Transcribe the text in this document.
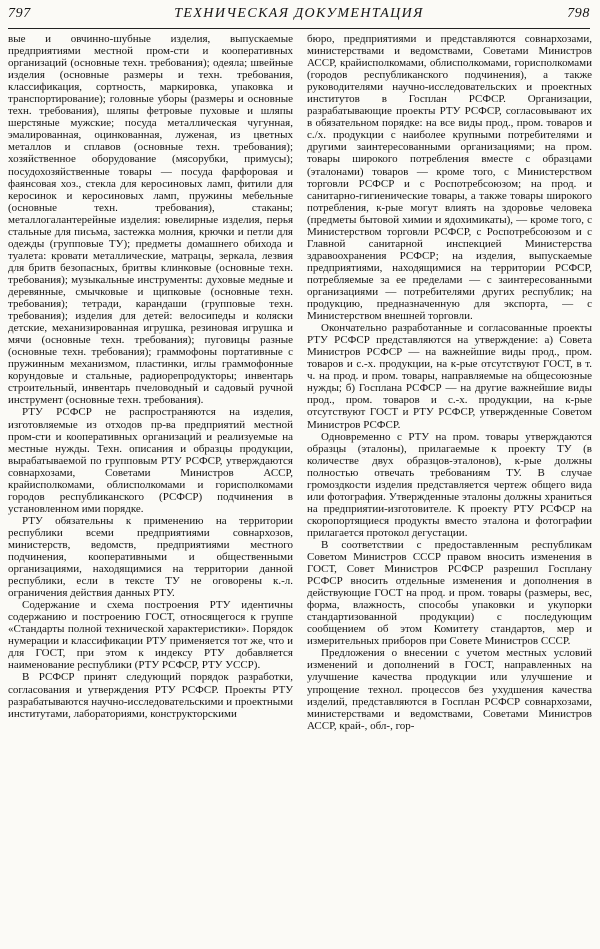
797	ТЕХНИЧЕСКАЯ ДОКУМЕНТАЦИЯ	798

вые и овчинно-шубные изделия, выпускаемые предприятиями местной пром-сти и кооперативных организаций (основные техн. требования); одеяла; швейные изделия (основные размеры и техн. требования, классификация, сортность, маркировка, упаковка и транспортирование); головные уборы (размеры и основные техн. требования), шляпы фетровые пуховые и шляпы шерстяные мужские; посуда металлическая чугунная, эмалированная, оцинкованная, луженая, из цветных металлов и сплавов (основные техн. требования); хозяйственное оборудование (мясорубки, примусы); посудохозяйственные товары — посуда фарфоровая и фаянсовая хоз., стекла для керосиновых ламп, фитили для керосинок и керосиновых ламп, пружины мебельные (основные техн. требования), стаканы; металлогалантерейные изделия: ювелирные изделия, перья стальные для письма, застежка молния, крючки и петли для одежды (групповые ТУ); предметы домашнего обихода и туалета: кровати металлические, матрацы, зеркала, лезвия для бритв безопасных, бритвы клинковые (основные техн. требования); музыкальные инструменты: духовые медные и деревянные, смычковые и щипковые (основные техн. требования); тетради, карандаши (групповые техн. требования); изделия для детей: велосипеды и коляски детские, механизированная игрушка, резиновая игрушка и мячи (основные техн. требования); пуговицы разные (основные техн. требования); граммофоны портативные с пружинным механизмом, пластинки, иглы граммофонные корундовые и стальные, радиорепродукторы; инвентарь строительный, инвентарь пчеловодный и садовый ручной инструмент (основные техн. требования).

РТУ РСФСР не распространяются на изделия, изготовляемые из отходов пр-ва предприятий местной пром-сти и кооперативных организаций и реализуемые на местные нужды. Техн. описания и образцы продукции, вырабатываемой по групповым РТУ РСФСР, утверждаются совнархозами, Советами Министров АССР, крайисполкомами, облисполкомами и горисполкомами городов республиканского (РСФСР) подчинения в установленном ими порядке.

РТУ обязательны к применению на территории республики всеми предприятиями совнархозов, министерств, ведомств, предприятиями местного подчинения, кооперативными и общественными организациями, находящимися на территории данной республики, если в тексте ТУ не оговорены к.-л. ограничения действия данных РТУ.

Содержание и схема построения РТУ идентичны содержанию и построению ГОСТ, относящегося к группе «Стандарты полной технической характеристики». Порядок нумерации и классификации РТУ применяется тот же, что и для ГОСТ, при этом к индексу РТУ добавляется наименование республики (РТУ РСФСР, РТУ УССР).

В РСФСР принят следующий порядок разработки, согласования и утверждения РТУ РСФСР. Проекты РТУ разрабатываются научно-исследовательскими и проектными институтами, лабораториями, конструкторскими

бюро, предприятиями и представляются совнархозами, министерствами и ведомствами, Советами Министров АССР, крайисполкомами, облисполкомами, горисполкомами (городов республиканского подчинения), а также руководителями научно-исследовательских и проектных институтов в Госплан РСФСР. Организации, разрабатывающие проекты РТУ РСФСР, согласовывают их в обязательном порядке: на все виды прод., пром. товаров и с./х. продукции с наиболее крупными потребителями и другими заинтересованными организациями; на пром. товары широкого потребления вместе с образцами (эталонами) товаров — кроме того, с Министерством торговли РСФСР и с Роспотребсоюзом; на прод. и санитарно-гигиенические товары, а также товары широкого потребления, к-рые могут влиять на здоровье человека (предметы бытовой химии и ядохимикаты), — кроме того, с Министерством торговли РСФСР, с Роспотребсоюзом и с Главной санитарной инспекцией Министерства здравоохранения РСФСР; на изделия, выпускаемые предприятиями, находящимися на территории РСФСР, потребляемые за ее пределами — с заинтересованными организациями — потребителями других республик; на продукцию, предназначенную для экспорта, — с Министерством внешней торговли.

Окончательно разработанные и согласованные проекты РТУ РСФСР представляются на утверждение: а) Совета Министров РСФСР — на важнейшие виды прод., пром. товаров и с.-х. продукции, на к-рые отсутствуют ГОСТ, в т. ч. на прод. и пром. товары, направляемые на общесоюзные нужды; б) Госплана РСФСР — на другие важнейшие виды прод., пром. товаров и с.-х. продукции, на к-рые отсутствуют ГОСТ и РТУ РСФСР, утвержденные Советом Министров РСФСР.

Одновременно с РТУ на пром. товары утверждаются образцы (эталоны), прилагаемые к проекту ТУ (в количестве двух образцов-эталонов), к-рые должны полностью отвечать требованиям ТУ. В случае громоздкости изделия представляется чертеж общего вида или фотография. Утвержденные эталоны должны храниться на предприятии-изготовителе. К проекту РТУ РСФСР на скоропортящиеся продукты вместо эталона и фотографии прилагается протокол дегустации.

В соответствии с предоставленным республикам Советом Министров СССР правом вносить изменения в ГОСТ, Совет Министров РСФСР разрешил Госплану РСФСР вносить отдельные изменения и дополнения в действующие ГОСТ на прод. и пром. товары (размеры, вес, форма, влажность, способы упаковки и укупорки стандартизованной продукции) с последующим сообщением об этом Комитету стандартов, мер и измерительных приборов при Совете Министров СССР.

Предложения о внесении с учетом местных условий изменений и дополнений в ГОСТ, направленных на улучшение качества продукции или улучшение и упрощение технол. процессов без ухудшения качества изделий, представляются в Госплан РСФСР совнархозами, министерствами и ведомствами, Советами Министров АССР, край-, обл-, гор-
